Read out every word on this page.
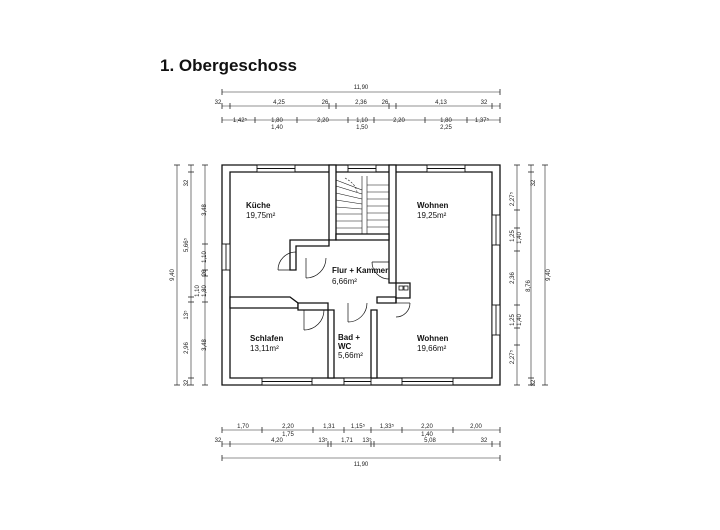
1. Obergeschoss
11,90
32	4,25	26	2,36 26	4,13	32
1,42⁵	1,80	2,20	1,10	2,20	1,80	1,37⁵
1,40	1,50	2,25
9,40
32
3,48
5,66⁵
1,10
26
1,10 1,80
13⁵
3,48
2,96
32
9,40
8,76
32
2,27⁵
1,25 1,40
2,36
1,25 1,40
2,27⁵
32
1,70	2,20	1,31	1,15⁵ 1,33⁵	2,20	2,00
1,75	1,40
32	4,20	13⁵ 1,71 13⁵	5,08	32
11,90
Küche
19,75m²
Wohnen
19,25m²
Flur + Kammer
6,66m²
Schlafen
13,11m²
Bad +
WC
5,66m²
Wohnen
19,66m²
